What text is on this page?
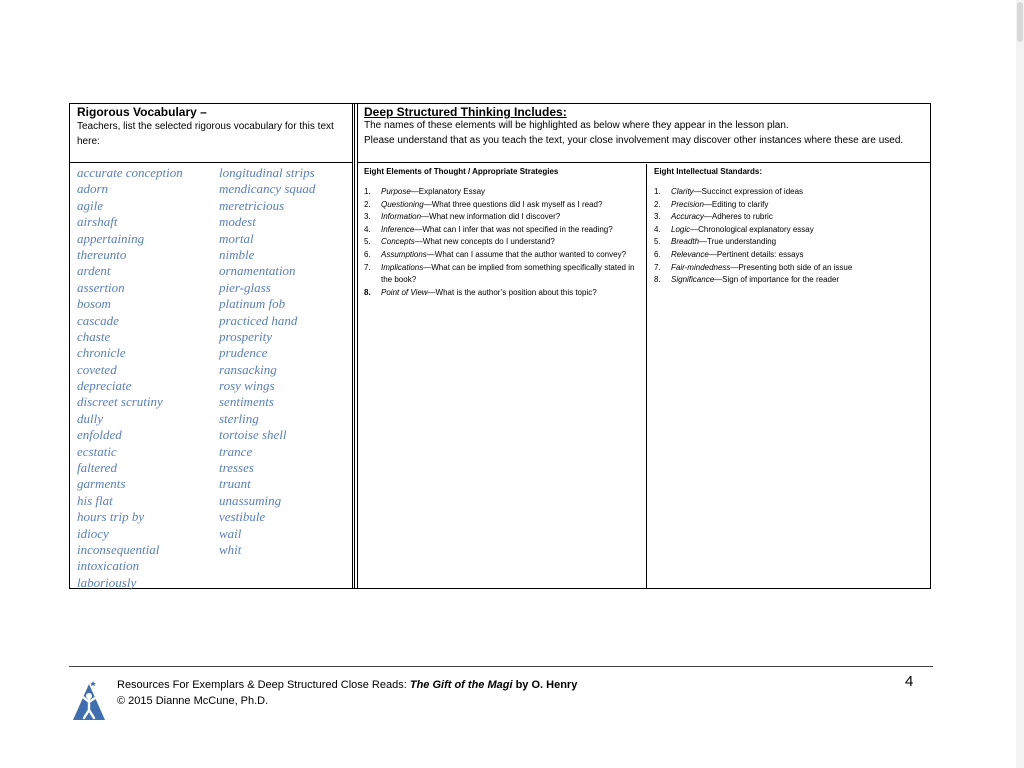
Rigorous Vocabulary –
Teachers, list the selected rigorous vocabulary for this text here:
accurate conception
adorn
agile
airshaft
appertaining
thereunto
ardent
assertion
bosom
cascade
chaste
chronicle
coveted
depreciate
discreet scrutiny
dully
enfolded
ecstatic
faltered
garments
his flat
hours trip by
idiocy
inconsequential
intoxication
laboriously
longitudinal strips
mendicancy squad
meretricious
modest
mortal
nimble
ornamentation
pier-glass
platinum fob
practiced hand
prosperity
prudence
ransacking
rosy wings
sentiments
sterling
tortoise shell
trance
tresses
truant
unassuming
vestibule
wail
whit
Deep Structured Thinking Includes:
The names of these elements will be highlighted as below where they appear in the lesson plan.
Please understand that as you teach the text, your close involvement may discover other instances where these are used.
Eight Elements of Thought / Appropriate Strategies
1. Purpose—Explanatory Essay
2. Questioning—What three questions did I ask myself as I read?
3. Information—What new information did I discover?
4. Inference—What can I infer that was not specified in the reading?
5. Concepts—What new concepts do I understand?
6. Assumptions—What can I assume that the author wanted to convey?
7. Implications—What can be implied from something specifically stated in the book?
8. Point of View—What is the author’s position about this topic?
Eight Intellectual Standards:
1. Clarity—Succinct expression of ideas
2. Precision—Editing to clarify
3. Accuracy—Adheres to rubric
4. Logic—Chronological explanatory essay
5. Breadth—True understanding
6. Relevance—Pertinent details: essays
7. Fair-mindedness—Presenting both side of an issue
8. Significance—Sign of importance for the reader
Resources For Exemplars & Deep Structured Close Reads: The Gift of the Magi by O. Henry
© 2015 Dianne McCune, Ph.D.
4
